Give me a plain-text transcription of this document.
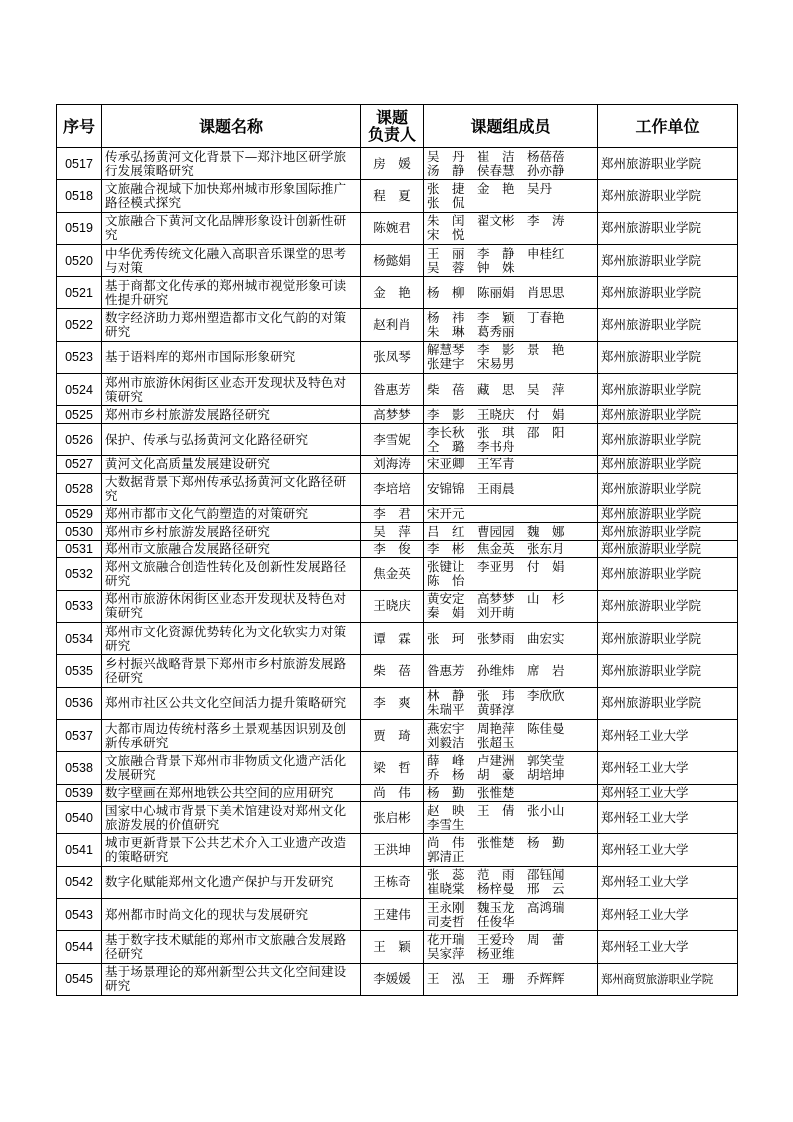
序号	课题名称	课题
负责人	课题组成员	工作单位
0517	传承弘扬黄河文化背景下—郑汴地区研学旅行发展策略研究	房　媛	吴　丹　崔　洁　杨蓓蓓
汤　静　侯春慧　孙亦静	郑州旅游职业学院
0518	文旅融合视域下加快郑州城市形象国际推广路径模式探究	程　夏	张　捷　金　艳　吴丹
张　侃	郑州旅游职业学院
0519	文旅融合下黄河文化品牌形象设计创新性研究	陈婉君	朱　闰　翟文彬　李　涛
宋　悦	郑州旅游职业学院
0520	中华优秀传统文化融入高职音乐课堂的思考与对策	杨懿娟	王　丽　李　静　申桂红
吴　蓉　钟　姝	郑州旅游职业学院
0521	基于商都文化传承的郑州城市视觉形象可读性提升研究	金　艳	杨　柳　陈丽娟　肖思思	郑州旅游职业学院
0522	数字经济助力郑州塑造都市文化气韵的对策研究	赵利肖	杨　祎　李　颖　丁春艳
朱　琳　葛秀丽	郑州旅游职业学院
0523	基于语料库的郑州市国际形象研究	张凤琴	解慧琴　李　影　景　艳
张建宇　宋易男	郑州旅游职业学院
0524	郑州市旅游休闲街区业态开发现状及特色对策研究	昝惠芳	柴　蓓　藏　思　吴　萍	郑州旅游职业学院
0525	郑州市乡村旅游发展路径研究	高梦梦	李　影　王晓庆　付　娟	郑州旅游职业学院
0526	保护、传承与弘扬黄河文化路径研究	李雪妮	李长秋　张　琪　邵　阳
仝　璐　李书舟	郑州旅游职业学院
0527	黄河文化高质量发展建设研究	刘海涛	宋亚卿　王军青	郑州旅游职业学院
0528	大数据背景下郑州传承弘扬黄河文化路径研究	李培培	安锦锦　王雨晨	郑州旅游职业学院
0529	郑州市都市文化气韵塑造的对策研究	李　君	宋开元	郑州旅游职业学院
0530	郑州市乡村旅游发展路径研究	吴　萍	吕　红　曹园园　魏　娜	郑州旅游职业学院
0531	郑州市文旅融合发展路径研究	李　俊	李　彬　焦金英　张东月	郑州旅游职业学院
0532	郑州文旅融合创造性转化及创新性发展路径研究	焦金英	张键让　李亚男　付　娟
陈　怡	郑州旅游职业学院
0533	郑州市旅游休闲街区业态开发现状及特色对策研究	王晓庆	黄安定　高梦梦　山　杉
秦　娟　刘开萌	郑州旅游职业学院
0534	郑州市文化资源优势转化为文化软实力对策研究	谭　霖	张　珂　张梦雨　曲宏实	郑州旅游职业学院
0535	乡村振兴战略背景下郑州市乡村旅游发展路径研究	柴　蓓	昝惠芳　孙维炜　席　岩	郑州旅游职业学院
0536	郑州市社区公共文化空间活力提升策略研究	李　爽	林　静　张　玮　李欣欣
朱瑞平　黄驿淳	郑州旅游职业学院
0537	大都市周边传统村落乡土景观基因识别及创新传承研究	贾　琦	燕宏宇　周艳萍　陈佳曼
刘毅洁　张超玉	郑州轻工业大学
0538	文旅融合背景下郑州市非物质文化遗产活化发展研究	梁　哲	薛　峰　卢建洲　郭笑莹
乔　杨　胡　豪　胡培坤	郑州轻工业大学
0539	数字壁画在郑州地铁公共空间的应用研究	尚　伟	杨　勤　张惟楚	郑州轻工业大学
0540	国家中心城市背景下美术馆建设对郑州文化旅游发展的价值研究	张启彬	赵　映　王　倩　张小山
李雪生	郑州轻工业大学
0541	城市更新背景下公共艺术介入工业遗产改造的策略研究	王洪坤	尚　伟　张惟楚　杨　勤
郭清正	郑州轻工业大学
0542	数字化赋能郑州文化遗产保护与开发研究	王栋奇	张　蕊　范　雨　邵钰闻
崔晓棠　杨梓曼　邢　云	郑州轻工业大学
0543	郑州都市时尚文化的现状与发展研究	王建伟	王永刚　魏玉龙　高鸿瑞
司麦哲　任俊华	郑州轻工业大学
0544	基于数字技术赋能的郑州市文旅融合发展路径研究	王　颖	花开瑞　王爱玲　周　蕾
吴家萍　杨亚维	郑州轻工业大学
0545	基于场景理论的郑州新型公共文化空间建设研究	李媛媛	王　泓　王　珊　乔辉辉	郑州商贸旅游职业学院
